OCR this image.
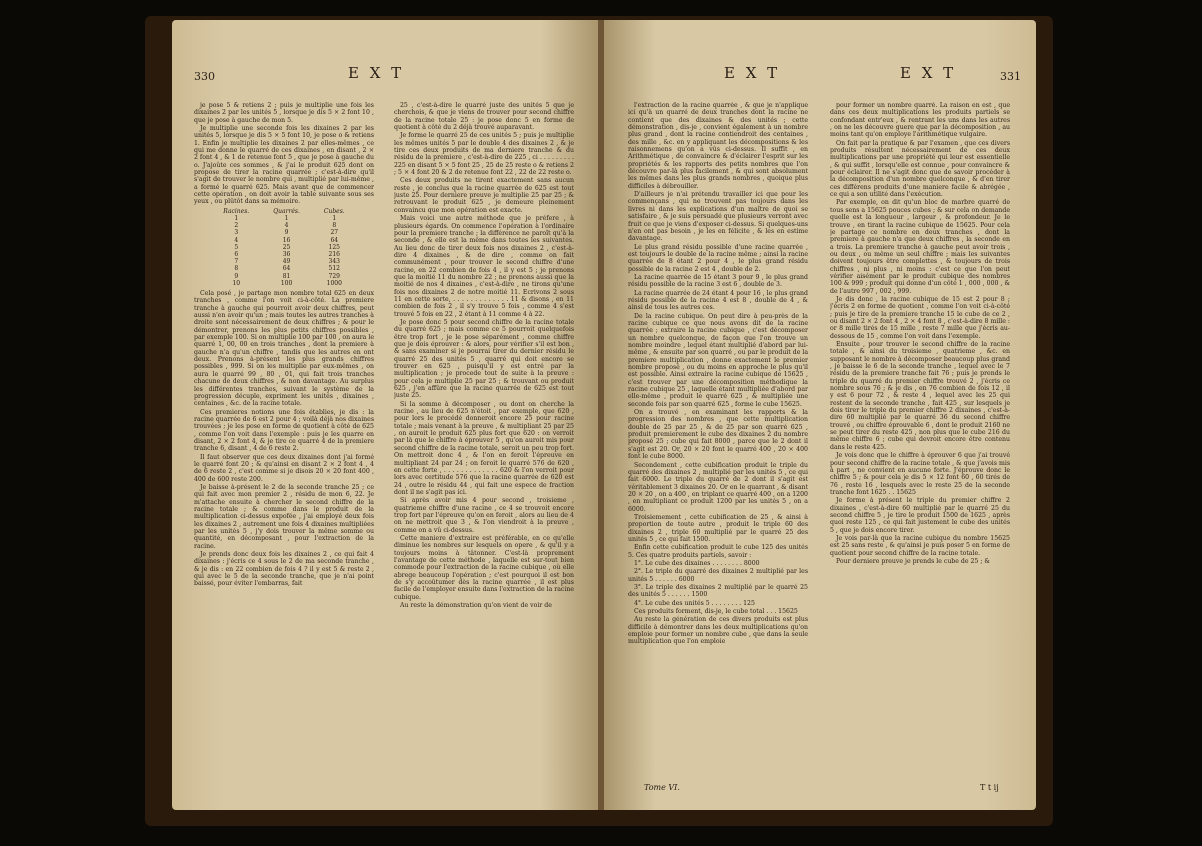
330	E X T

je pose 5 & retiens 2 ; puis je multiplie une fois les dixaines 2 par les unités 5 , lorsque je dis 5 × 2 font 10 , que je pose à gauche de mon 5.

Je multiplie une seconde fois les dixaines 2 par les unités 5, lorsque je dis 5 × 5 font 10, je pose o & retiens 1. Enfin je multiplie les dixaines 2 par elles-mêmes , ce qui me donne le quarré de ces dixaines , en disant , 2 × 2 font 4 , & 1 de retenue font 5 , que je pose à gauche du o. J'ajoûte ces sommes , & j'ai le produit 625 dont on propose de tirer la racine quarrée ; c'est-à-dire qu'il s'agit de trouver le nombre qui , multiplié par lui-même , a formé le quarré 625. Mais avant que de commencer cette opération , on doit avoir la table suivante sous ses yeux , ou plûtôt dans sa mémoire.

Racines.	Quarrés.	Cubes.
1	1	1
2	4	8
3	9	27
4	16	64
5	25	125
6	36	216
7	49	343
8	64	512
9	81	729
10	100	1000

Cela posé , je partage mon nombre total 625 en deux tranches , comme l'on voit ci-à-côté. La premiere tranche à gauche qui pourroit avoir deux chiffres, peut aussi n'en avoir qu'un ; mais toutes les autres tranches à droite sont nécessairement de deux chiffres ; & pour le démontrer, prenons les plus petits chiffres possibles , par exemple 100. Si on multiplie 100 par 100 , on aura le quarré 1, 00, 00 en trois tranches , dont la premiere à gauche n'a qu'un chiffre , tandis que les autres en ont deux. Prenons à-présent les plus grands chiffres possibles , 999. Si on les multiplie par eux-mêmes , on aura le quarré 99 , 80 , 01, qui fait trois tranches chacune de deux chiffres , & non davantage. Au surplus les différentes tranches, suivant le système de la progression décuple, expriment les unités , dixaines , centaines , &c. de la racine totale.

Ces premieres notions une fois établies, je dis : la racine quarrée de 6 est 2 pour 4 ; voilà déjà nos dixaines trouvées ; je les pose en forme de quotient à côté de 625 , comme l'on voit dans l'exemple : puis je les quarre en disant, 2 × 2 font 4, & je tire ce quarré 4 de la premiere tranche 6, disant , 4 de 6 reste 2.

Il faut observer que ces deux dixaines dont j'ai formé le quarré font 20 ; & qu'ainsi en disant 2 × 2 font 4 , 4 de 6 reste 2 , c'est comme si je disois 20 × 20 font 400 , 400 de 600 reste 200.

Je baisse à-présent le 2 de la seconde tranche 25 ; ce qui fait avec mon premier 2 , résidu de mon 6, 22. Je m'attache ensuite à chercher le second chiffre de la racine totale ; & comme dans le produit de la multiplication ci-dessus expofée , j'ai employé deux fois les dixaines 2 , autrement une fois 4 dixaines multipliées par les unités 5 , j'y dois trouver la même somme ou quantité, en décomposant , pour l'extraction de la racine.

Je prends donc deux fois les dixaines 2 , ce qui fait 4 dixaines : j'écris ce 4 sous le 2 de ma seconde tranche , & je dis : en 22 combien de fois 4 ? il y est 5 & reste 2 , qui avec le 5 de la seconde tranche, que je n'ai point baissé, pour éviter l'embarras, fait

25 , c'est-à-dire le quarré juste des unités 5 que je cherchois, & que je viens de trouver pour second chiffre de la racine totale 25 : je pose donc 5 en forme de quotient à côté du 2 déjà trouvé auparavant.

Je forme le quarré 25 de ces unités 5 ; puis je multiplie les mêmes unités 5 par le double 4 des dixaines 2 , & je tire ces deux produits de ma derniere tranche & du résidu de la premiere , c'est-à-dire de 225 , ci . . . . . . . . . 225 en disant 5 × 5 font 25 , 25 de 25 reste o & retiens 2 ; 5 × 4 font 20 & 2 de retenue font 22 , 22 de 22 reste o.

Ces deux produits ne tirent exactement sans aucun reste , je conclus que la racine quarrée de 625 est tout juste 25. Pour derniere preuve je multiplie 25 par 25 ; & retrouvant le produit 625 , je demeure pleinement convaincu que mon opération est exacte.

Mais voici une autre méthode que je préfere , à plusieurs égards. On commence l'opération à l'ordinaire pour la premiere tranche ; la différence ne paroît qu'à la seconde , & elle est la même dans toutes les suivantes. Au lieu donc de tirer deux fois nos dixaines 2 , c'est-à-dire 4 dixaines , & de dire , comme on fait communément , pour trouver le second chiffre d'une racine, en 22 combien de fois 4 , il y est 5 ; je prenons que la moitié 11 du nombre 22 ; ne prenons aussi que la moitié de nos 4 dixaines , c'est-à-dire , ne tirons qu'une fois nos dixaines 2 de notre moitié 11. Ecrivons 2 sous 11 en cette sorte, . . . . . . . . . . . . . 11 & disons , en 11 combien de fois 2 , il s'y trouve 5 fois , comme 4 s'est trouvé 5 fois en 22 , 2 étant à 11 comme 4 à 22.

Je pose donc 5 pour second chiffre de la racine totale du quarré 625 ; mais comme ce 5 pourroit quelquefois être trop fort , je le pose séparément , comme chiffre que je dois éprouver : & alors, pour vérifier s'il est bon , & sans examiner si je pourrai tirer du dernier résidu le quarré 25 des unités 5 , quarré qui doit encore se trouver en 625 , puisqu'il y est entré par la multiplication ; je procede tout de suite à la preuve : pour cela je multiplie 25 par 25 ; & trouvant ou produit 625 , j'en affûre que la racine quarrée de 625 est tout juste 25.

Si la somme à décomposer , ou dont on cherche la racine , au lieu de 625 n'étoit , par exemple, que 620 , pour lors le procédé donneroit encore 25 pour racine totale ; mais venant à la preuve , & multipliant 25 par 25 , on auroit le produit 625 plus fort que 620 : on verroit par là que le chiffre à éprouver 5 , qu'on auroit mis pour second chiffre de la racine totale, seroit un peu trop fort. On mettroit donc 4 , & l'on en feroit l'épreuve en multipliant 24 par 24 ; on feroit le quarré 576 de 620 , en cette forte , . . . . . . . . . . . . . 620 & l'on verroit pour lors avec certitude 576 que la racine quarrée de 620 est 24 , outre le résidu 44 , qui fait une espece de fraction dont il ne s'agit pas ici.

Si après avoir mis 4 pour second , troisieme , quatrieme chiffre d'une racine , ce 4 se trouvoit encore trop fort par l'épreuve qu'on en feroit , alors au lieu de 4 on ne mettroit que 3 , & l'on viendroit à la preuve , comme on a vû ci-dessus.

Cette maniere d'extraire est préférable, en ce qu'elle diminue les nombres sur lesquels on opere , & qu'il y a toujours moins à tâtonner. C'est-là proprement l'avantage de cette méthode , laquelle est sur-tout bien commode pour l'extraction de la racine cubique , où elle abrege beaucoup l'opération ; c'est pourquoi il est bon de s'y accoûtumer dès la racine quarrée , il est plus facile de l'employer ensuite dans l'extraction de la racine cubique.

Au reste la démonstration qu'on vient de voir de

E X T	E X T	331

l'extraction de la racine quarrée , & que je n'applique ici qu'à un quarré de deux tranches dont la racine ne contient que des dixaines & des unités ; cette démonstration , dis-je , convient également à un nombre plus grand , dont la racine contiendroit des centaines , des mille , &c. en y appliquant les décompositions & les raisonnemens qu'on a vûs ci-dessus. Il suffit , en Arithmétique , de convaincre & d'éclairer l'esprit sur les propriétés & les rapports des petits nombres que l'on découvre par-là plus facilement , & qui sont absolument les mêmes dans les plus grands nombres , quoique plus difficiles à débrouiller.

D'ailleurs je n'ai prétendu travailler ici que pour les commençans , qui ne trouvent pas toujours dans les livres ni dans les explications d'un maître de quoi se satisfaire , & je suis persuadé que plusieurs verront avec fruit ce que je viens d'exposer ci-dessus. Si quelques-uns n'en ont pas besoin , je les en félicite , & les en estime davantage.

Le plus grand résidu possible d'une racine quarrée , est toujours le double de la racine même ; ainsi la racine quarrée de 8 étant 2 pour 4 , le plus grand résidu possible de la racine 2 est 4 , double de 2.

La racine quarrée de 15 étant 3 pour 9 , le plus grand résidu possible de la racine 3 est 6 , double de 3.

La racine quarrée de 24 étant 4 pour 16 , le plus grand résidu possible de la racine 4 est 8 , double de 4 , & ainsi de tous les autres ces.

De la racine cubique. On peut dire à peu-près de la racine cubique ce que nous avons dit de la racine quarrée ; extraire la racine cubique , c'est décomposer un nombre quelconque, de façon que l'on trouve un nombre moindre , lequel étant multiplié d'abord par lui-même , & ensuite par son quarré , ou par le produit de la premiere multiplication , donne exactement le premier nombre proposé , ou du moins en approche le plus qu'il est possible. Ainsi extraire la racine cubique de 15625 , c'est trouver par une décomposition méthodique la racine cubique 25 , laquelle étant multipliée d'abord par elle-même , produit le quarré 625 , & multipliée une seconde fois par son quarré 625 , forme le cube 15625.

On a trouvé , en examinant les rapports & la progression des nombres , que cette multiplication double de 25 par 25 , & de 25 par son quarré 625 , produit premierement le cube des dixaines 2 du nombre proposé 25 ; cube qui fait 8000 , parce que le 2 dont il s'agit est 20. Or, 20 × 20 font le quarré 400 , 20 × 400 font le cube 8000.

Secondement , cette cubification produit le triple du quarré des dixaines 2 , multiplié par les unités 5 , ce qui fait 6000. Le triple du quarré de 2 dont il s'agit est véritablement 3 dixaines 20. Or en le quarrant , & disant 20 × 20 , on a 400 , en triplant ce quarré 400 , on a 1200 , en multipliant ce produit 1200 par les unités 5 , on a 6000.

Troisiemement , cette cubification de 25 , & ainsi à proportion de toute autre , produit le triple 60 des dixaines 2 , triple 60 multiplié par le quarré 25 des unités 5 , ce qui fait 1500.

Enfin cette cubification produit le cube 125 des unités 5. Ces quatre produits partiels, savoir :

1°. Le cube des dixaines . . . . . . . . 8000

2°. Le triple du quarré des dixaines 2 multiplié par les unités 5 . . . . . . 6000

3°. Le triple des dixaines 2 multiplié par le quarré 25 des unités 5 . . . . . . 1500

4°. Le cube des unités 5 . . . . . . . . 125

Ces produits forment, dis-je, le cube total . . . 15625

Au reste la génération de ces divers produits est plus difficile à démontrer dans les deux multiplications qu'on emploie pour former un nombre cube , que dans la seule multiplication que l'on emploie

pour former un nombre quarré. La raison en est , que dans ces deux multiplications les produits partiels se confondant entr'eux , & rentrant les uns dans les autres , on ne les découvre guere que par la décomposition , au moins tant qu'on employe l'arithmétique vulgaire.

On fait par la pratique & par l'examen , que ces divers produits résultent nécessairement de ces deux multiplications par une propriété qui leur est essentielle , & qui suffit , lorsqu'elle est connue , pour convaincre & pour éclairer. Il ne s'agit donc que de savoir procéder à la décomposition d'un nombre quelconque , & d'en tirer ces différens produits d'une maniere facile & abrégée , ce qui a son utilité dans l'exécution.

Par exemple, on dit qu'un bloc de marbre quarré de tous sens a 15625 pouces cubes ; & sur cela on demande quelle est la longueur , largeur , & profondeur. Je le trouve , en tirant la racine cubique de 15625. Pour cela je partage ce nombre en deux tranches , dont la premiere à gauche n'a que deux chiffres , la seconde en a trois. La premiere tranche à gauche peut avoir trois , ou deux , ou même un seul chiffre ; mais les suivantes doivent toujours être complettes , & toujours de trois chiffres , ni plus , ni moins : c'est ce que l'on peut vérifier aisément par le produit cubique des nombres 100 & 999 ; produit qui donne d'un côté 1 , 000 , 000 , & de l'autre 997 , 002 , 999.

Je dis donc , la racine cubique de 15 est 2 pour 8 ; j'écris 2 en forme de quotient , comme l'on voit ci-à-côté ; puis je tire de la premiere tranche 15 le cube de ce 2 , ou disant 2 × 2 font 4 , 2 × 4 font 8 , c'est-à-dire 8 mille : or 8 mille tirés de 15 mille , reste 7 mille que j'écris au-dessous de 15 , comme l'on voit dans l'exemple.

Ensuite , pour trouver le second chiffre de la racine totale , & ainsi du troisieme , quatrieme , &c. en supposant le nombre à décomposer beaucoup plus grand , je baisse le 6 de la seconde tranche , lequel avec le 7 résidu de la premiere tranche fait 76 ; puis je prends le triple du quarré du premier chiffre trouvé 2 , j'écris ce nombre sous 76 ; & je dis , en 76 combien de fois 12 , il y est 6 pour 72 , & reste 4 , lequel avec les 25 qui restent de la seconde tranche , fait 425 , sur lesquels je dois tirer le triple du premier chiffre 2 dixaines , c'est-à-dire 60 multiplié par le quarré 36 du second chiffre trouvé , ou chiffre éprouvable 6 , dont le produit 2160 ne se peut tirer du reste 425 , non plus que le cube 216 du même chiffre 6 ; cube qui devroit encore être contenu dans le reste 425.

Je vois donc que le chiffre à éprouver 6 que j'ai trouvé pour second chiffre de la racine totale , & que j'avois mis à part , ne convient en aucune forte. J'éprouve donc le chiffre 5 ; & pour cela je dis 5 × 12 font 60 , 60 tirés de 76 , reste 16 , lesquels avec le reste 25 de la seconde tranche font 1625 . . 15625

Je forme à présent le triple du premier chiffre 2 dixaines , c'est-à-dire 60 multiplié par le quarré 25 du second chiffre 5 , je tire le produit 1500 de 1625 , après quoi reste 125 , ce qui fait justement le cube des unités 5 , que je dois encore tirer.

Je vois par-là que la racine cubique du nombre 15625 est 25 sans reste , & qu'ainsi je puis poser 5 en forme de quotient pour second chiffre de la racine totale.

Pour derniere preuve je prends le cube de 25 ; &

Tome VI.	T t ij
